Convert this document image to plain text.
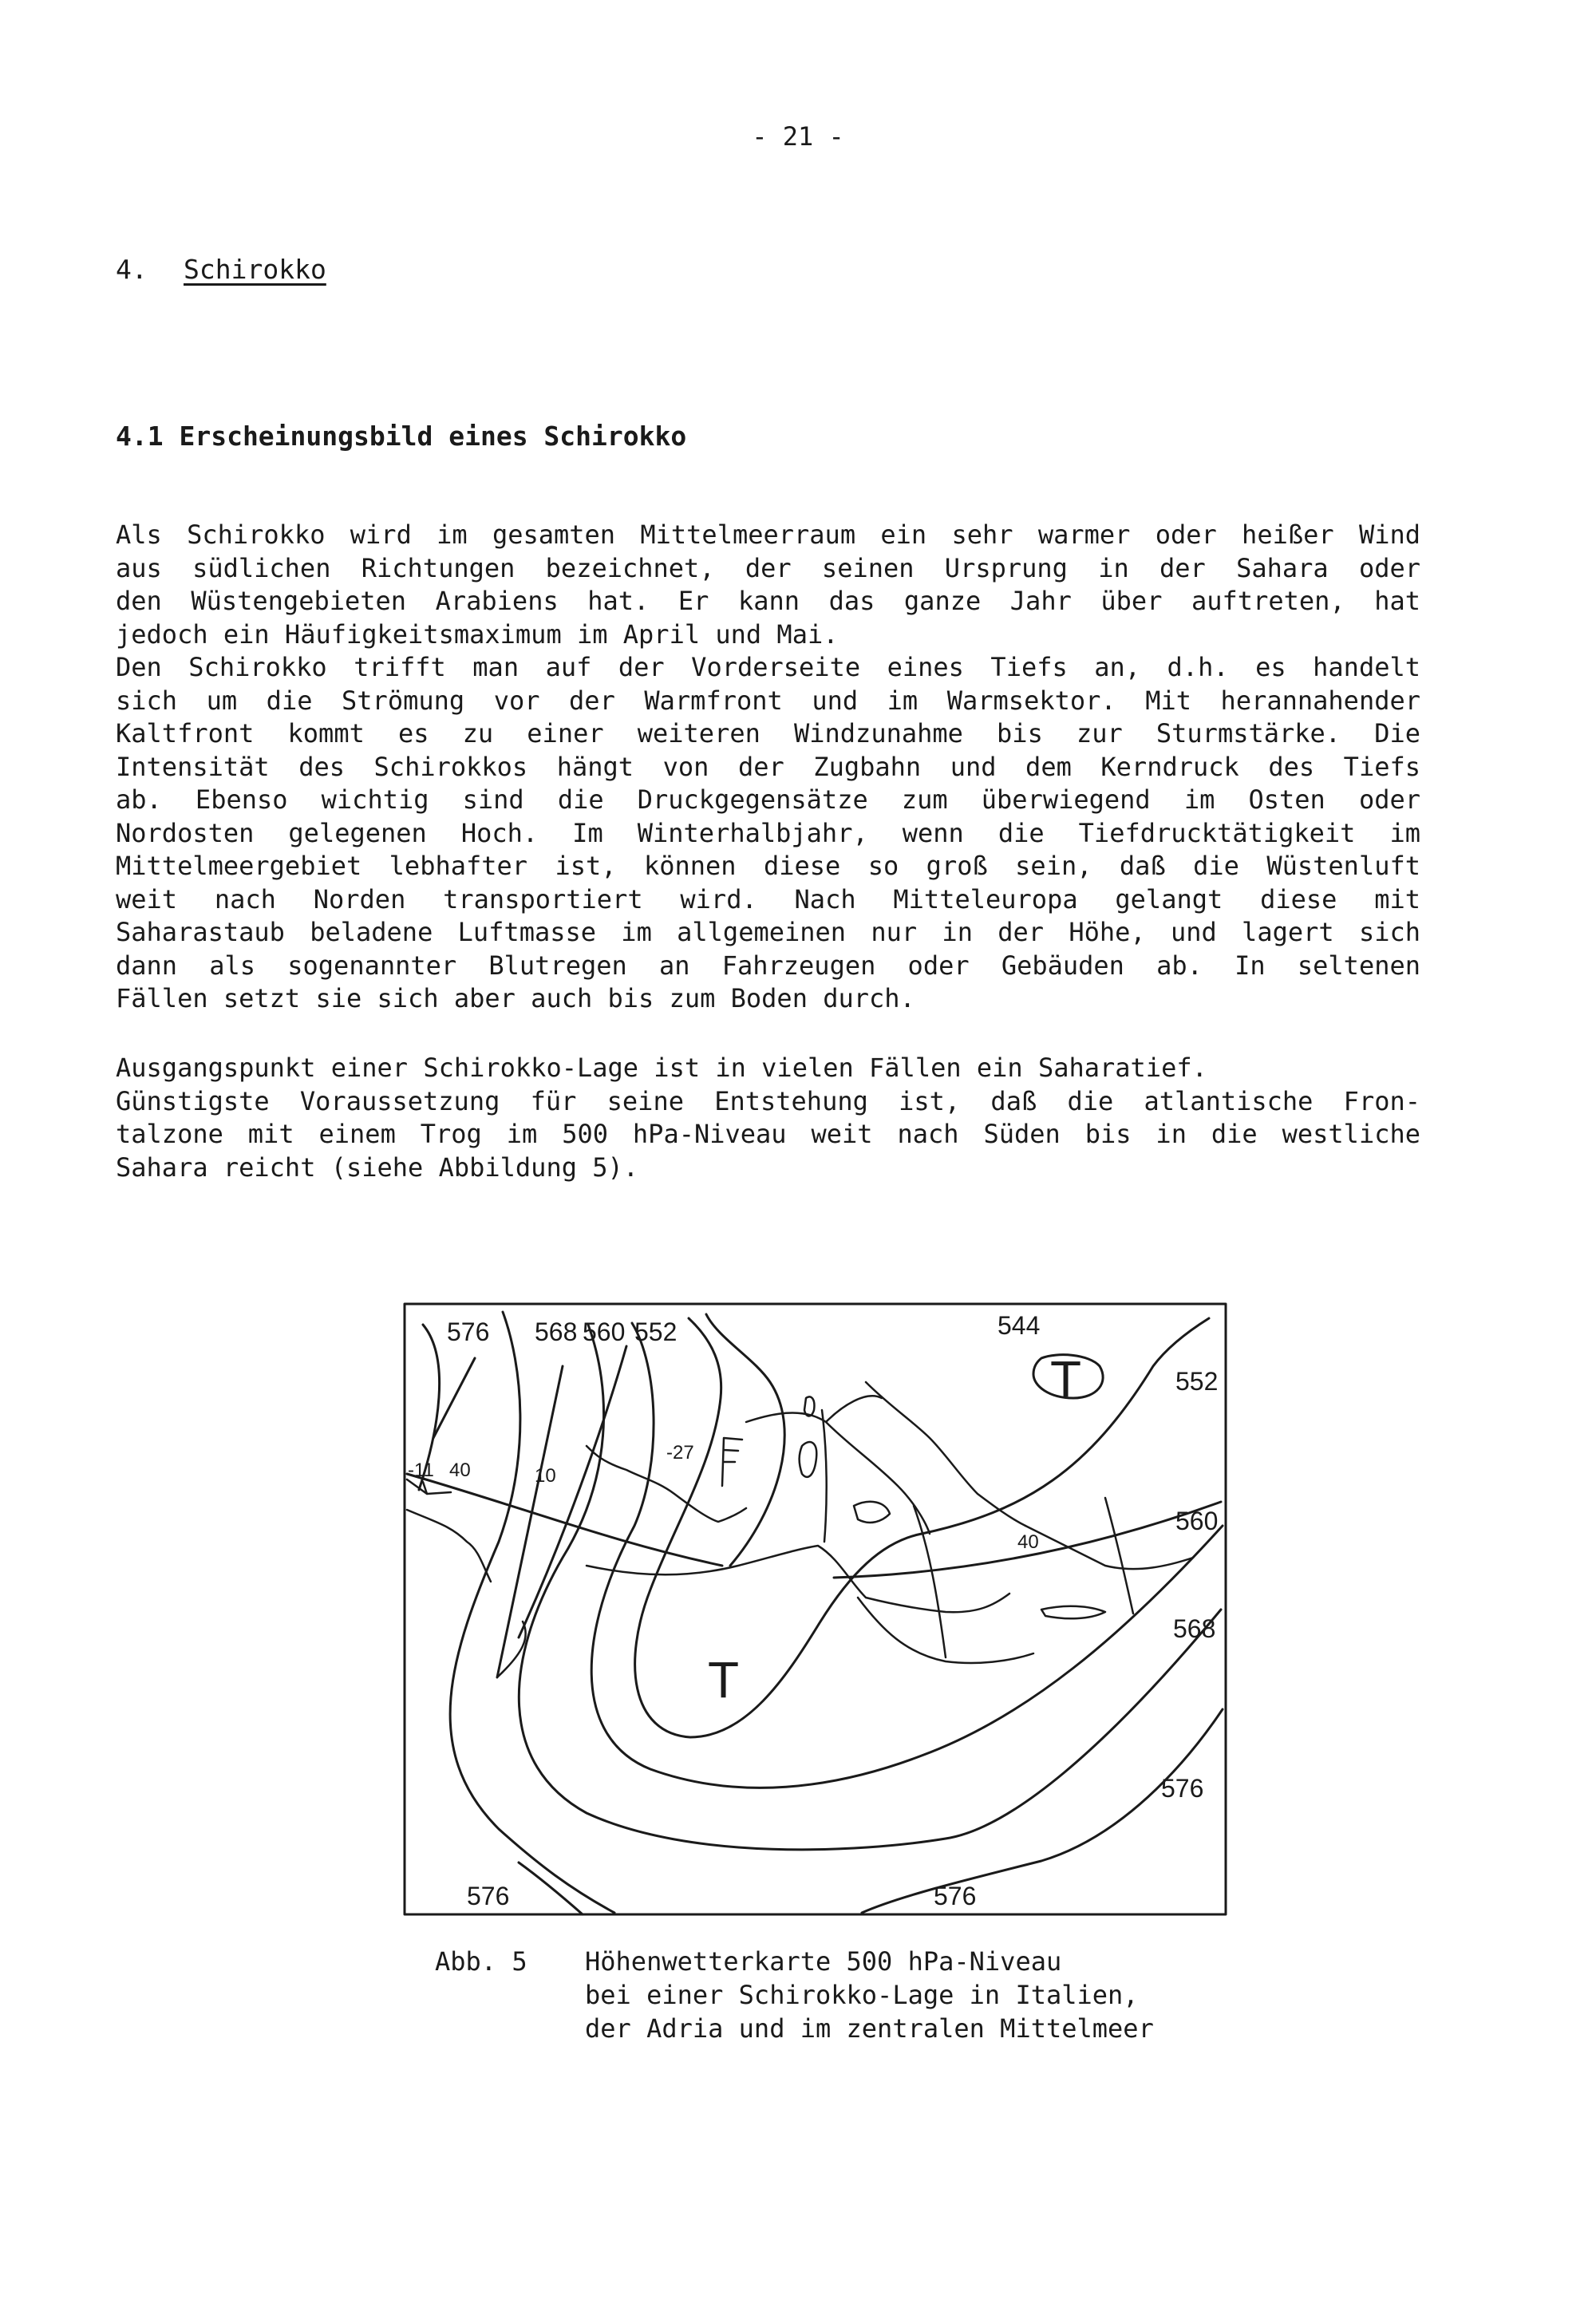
- 21 -
4. Schirokko
4.1 Erscheinungsbild eines Schirokko
Als Schirokko wird im gesamten Mittelmeerraum ein sehr warmer oder heißer Wind
aus südlichen Richtungen bezeichnet, der seinen Ursprung in der Sahara oder
den Wüstengebieten Arabiens hat. Er kann das ganze Jahr über auftreten, hat
jedoch ein Häufigkeitsmaximum im April und Mai.
Den Schirokko trifft man auf der Vorderseite eines Tiefs an, d.h. es handelt
sich um die Strömung vor der Warmfront und im Warmsektor. Mit herannahender
Kaltfront kommt es zu einer weiteren Windzunahme bis zur Sturmstärke. Die
Intensität des Schirokkos hängt von der Zugbahn und dem Kerndruck des Tiefs
ab. Ebenso wichtig sind die Druckgegensätze zum überwiegend im Osten oder
Nordosten gelegenen Hoch. Im Winterhalbjahr, wenn die Tiefdrucktätigkeit im
Mittelmeergebiet lebhafter ist, können diese so groß sein, daß die Wüstenluft
weit nach Norden transportiert wird. Nach Mitteleuropa gelangt diese mit
Saharastaub beladene Luftmasse im allgemeinen nur in der Höhe, und lagert sich
dann als sogenannter Blutregen an Fahrzeugen oder Gebäuden ab. In seltenen
Fällen setzt sie sich aber auch bis zum Boden durch.
Ausgangspunkt einer Schirokko-Lage ist in vielen Fällen ein Saharatief.
Günstigste Voraussetzung für seine Entstehung ist, daß die atlantische Fron-
talzone mit einem Trog im 500 hPa-Niveau weit nach Süden bis in die westliche
Sahara reicht (siehe Abbildung 5).
576 568 560 552	544
552
560
568
576
576	576
T
T
-11 40	10
-27
40
Abb. 5 Höhenwetterkarte 500 hPa-Niveau
bei einer Schirokko-Lage in Italien,
der Adria und im zentralen Mittelmeer
